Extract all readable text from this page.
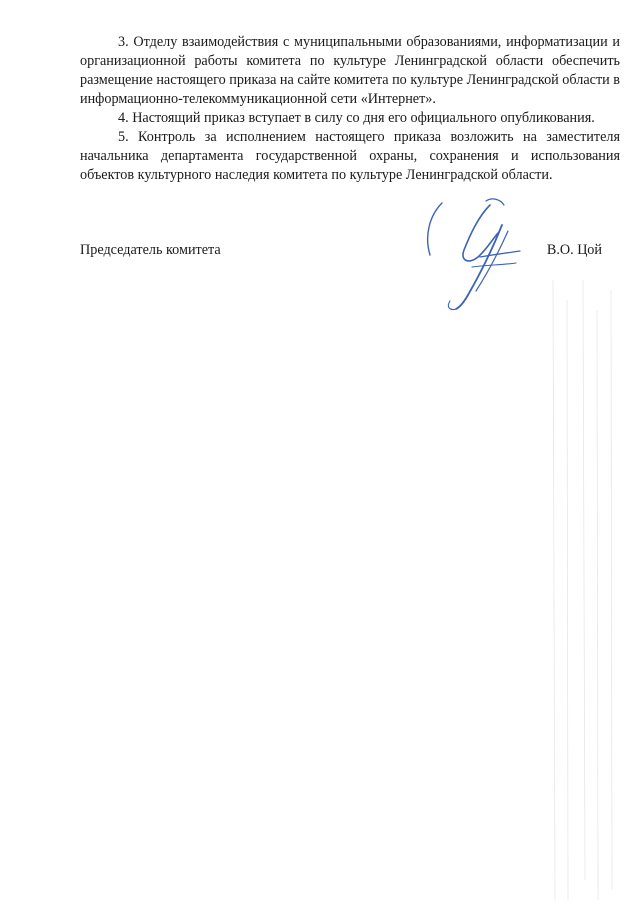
3. Отделу взаимодействия с муниципальными образованиями, информатизации и организационной работы комитета по культуре Ленинградской области обеспечить размещение настоящего приказа на сайте комитета по культуре Ленинградской области в информационно-телекоммуникационной сети «Интернет».

4. Настоящий приказ вступает в силу со дня его официального опубликования.

5. Контроль за исполнением настоящего приказа возложить на заместителя начальника департамента государственной охраны, сохранения и использования объектов культурного наследия комитета по культуре Ленинградской области.

Председатель комитета	В.О. Цой
